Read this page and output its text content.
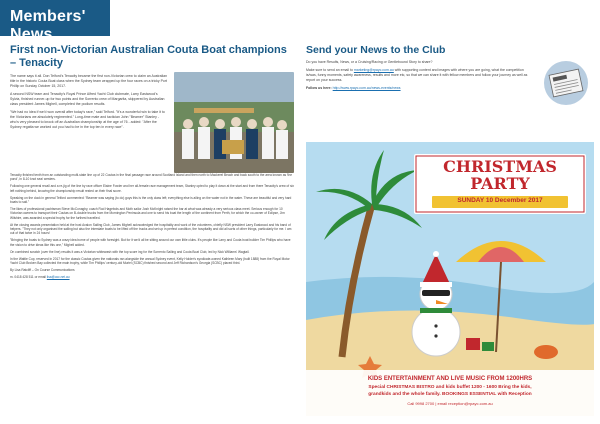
Members' News
First non-Victorian Australian Couta Boat champions – Tenacity

The name says it all. Don Telford's Tenacity became the first non-Victorian crew to claim an Australian title in the historic Couta Boat class when the Sydney team wrapped up the four races on a tricky Port Phillip on Sunday October 15, 2017.

A second NSW team and Tenacity's Royal Prince Alfred Yacht Club clubmate, Larry Eastwood's Sylvia, finished runner-up for two points and the Sorrento crew of Margarita, skippered by Australian class president James Mighell, completed the podium results.

"We had no idea if we'd won overall after today's race," said Telford. "It's a wonderful win to take it to the Victorians we absolutely regimented." Long-time mate and tactician John "Beamer" Stanley - who's very pleased to knock off an Australian championship at the age of 76 - added: "After the Sydney regatta we worked out you had to be in the top ten in every race".

Tenacity finished tenth from an outstanding multi-state line up of 22 Coutas in the final passage race around Scotland Island and then north to Mackerel Beach and back south to the area known as 'the pond', in 8-10 knot sea/ westers.

Following one general recall and a re-jig of the line by race officer Elaine Fowler and her all-female race management team, Stanley opted to play it down at the start and from there Tenacity's crew of six left nothing behind, knowing the championship result rested on their final score.

Speaking on the dock in general Telford commented: "Beamer was saying (to do) guys this is the only class left; everything else is ailing on the water not in the water. These are beautiful and very hard boats to sail."

The likes of professional yachtsman Steve McConaghy, coach Rod Hagebols and Moth sailor Josh McKnight raised the bar at what was already a very serious class meet. Serious enough for 10 Victorian owners to transport their Coutas on B-double trucks from the Mornington Peninsula and one to send his boat the length of the continent from Perth, for which the co-owner of Eclipse, Jim Wilshire, was awarded a special trophy for the furthest travelled.

At the closing awards presentation held at the host Avalon Sailing Club, James Mighell acknowledged the hospitality and work of the volunteers, chiefly NSW president Larry Eastwood and his band of helpers. "They not only organised the sailing but also the interstate boats to be lifted off the trucks and set up in perfect condition, the hospitality and did all sorts of other things, particularly for me. I am out of that twice in 24 hours!

"Bringing the boats to Sydney was a crazy idea borne of people with foresight. But for it we'd all be sitting around our own little clubs. It's people like Larry and Couta boat builder Tim Phillips who have the vision to drive ideas like this one," Mighell added.

On combined scratch (over the line) results it was a Victorian whitewash with the top score ing for the Sorrento Sailing and Couta Boat Club, led by Nick Williams' Wagtail.

In the Wattle Cup, reserved in 2017 for the classic Coutas given the nationals ran alongside the annual Sydney event, Kelly Holder's syndicate-owned Kathleen Mary (built 1888) from the Royal Motor Yacht Club Broken Bay collected the main trophy, while Tim Phillips' century-old Muriel (SCBC) finished second and Jeff Richardson's Georgia (SCBC) placed third.

By Lisa Ratcliff – On Course Communications

m. 0418 428 511 or email lisa@occ.net.au

Send your News to the Club

Do you have Results, News, or a Cruising/Racing or Gentlebound Story to share?

Make sure to send an email to marketing@rpayc.com.au with supporting content and images with where you are going, what the competition is/was, funny moments, safety awareness, results and more etc, so that we can share it with fellow members and follow your journey as well as report on your success.

Follow us here: http://www.rpayc.com.au/news-events/news

CHRISTMAS PARTY
SUNDAY 10 December 2017
KIDS ENTERTAINMENT AND LIVE MUSIC FROM 1200HRS
Special CHRISTMAS BISTRO and kids buffet 1200 - 1600 Bring the kids,
grandkids and the whole family. BOOKINGS ESSENTIAL with Reception
Call 9998 2700 | email reception@rpayc.com.au
